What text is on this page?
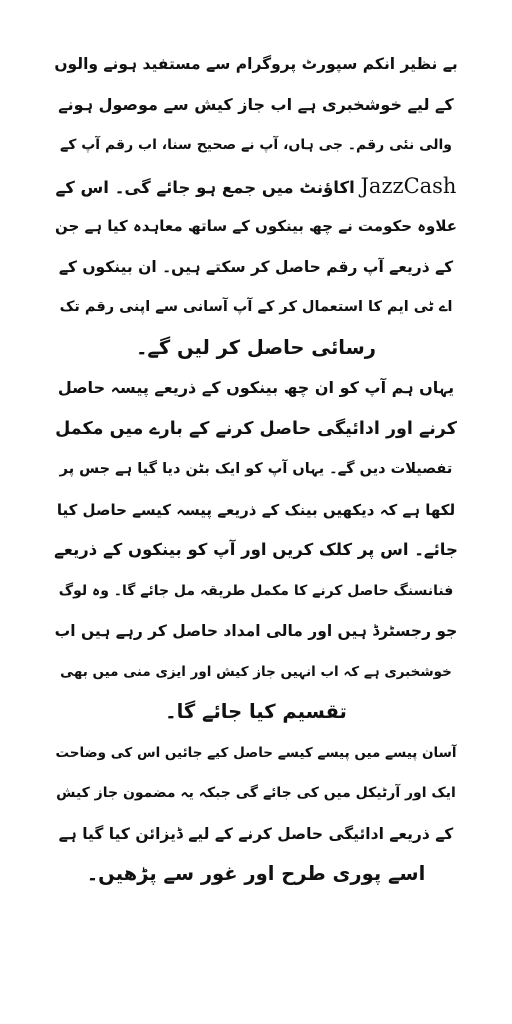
بے نظیر انکم سپورٹ پروگرام سے مستفید ہونے والوں
کے لیے خوشخبری ہے اب جاز کیش سے موصول ہونے
والی نئی رقم۔ جی ہاں، آپ نے صحیح سنا، اب رقم آپ کے
JazzCash اکاؤنٹ میں جمع ہو جائے گی۔ اس کے
علاوہ حکومت نے چھ بینکوں کے ساتھ معاہدہ کیا ہے جن
کے ذریعے آپ رقم حاصل کر سکتے ہیں۔ ان بینکوں کے
اے ٹی ایم کا استعمال کر کے آپ آسانی سے اپنی رقم تک
رسائی حاصل کر لیں گے۔
یہاں ہم آپ کو ان چھ بینکوں کے ذریعے پیسہ حاصل
کرنے اور ادائیگی حاصل کرنے کے بارے میں مکمل
تفصیلات دیں گے۔ یہاں آپ کو ایک بٹن دیا گیا ہے جس پر
لکھا ہے کہ دیکھیں بینک کے ذریعے پیسہ کیسے حاصل کیا
جائے۔ اس پر کلک کریں اور آپ کو بینکوں کے ذریعے
فنانسنگ حاصل کرنے کا مکمل طریقہ مل جائے گا۔ وہ لوگ
جو رجسٹرڈ ہیں اور مالی امداد حاصل کر رہے ہیں اب
خوشخبری ہے کہ اب انہیں جاز کیش اور ایزی منی میں بھی
تقسیم کیا جائے گا۔
آسان پیسے میں پیسے کیسے حاصل کیے جائیں اس کی وضاحت
ایک اور آرٹیکل میں کی جائے گی جبکہ یہ مضمون جاز کیش
کے ذریعے ادائیگی حاصل کرنے کے لیے ڈیزائن کیا گیا ہے
اسے پوری طرح اور غور سے پڑھیں۔
